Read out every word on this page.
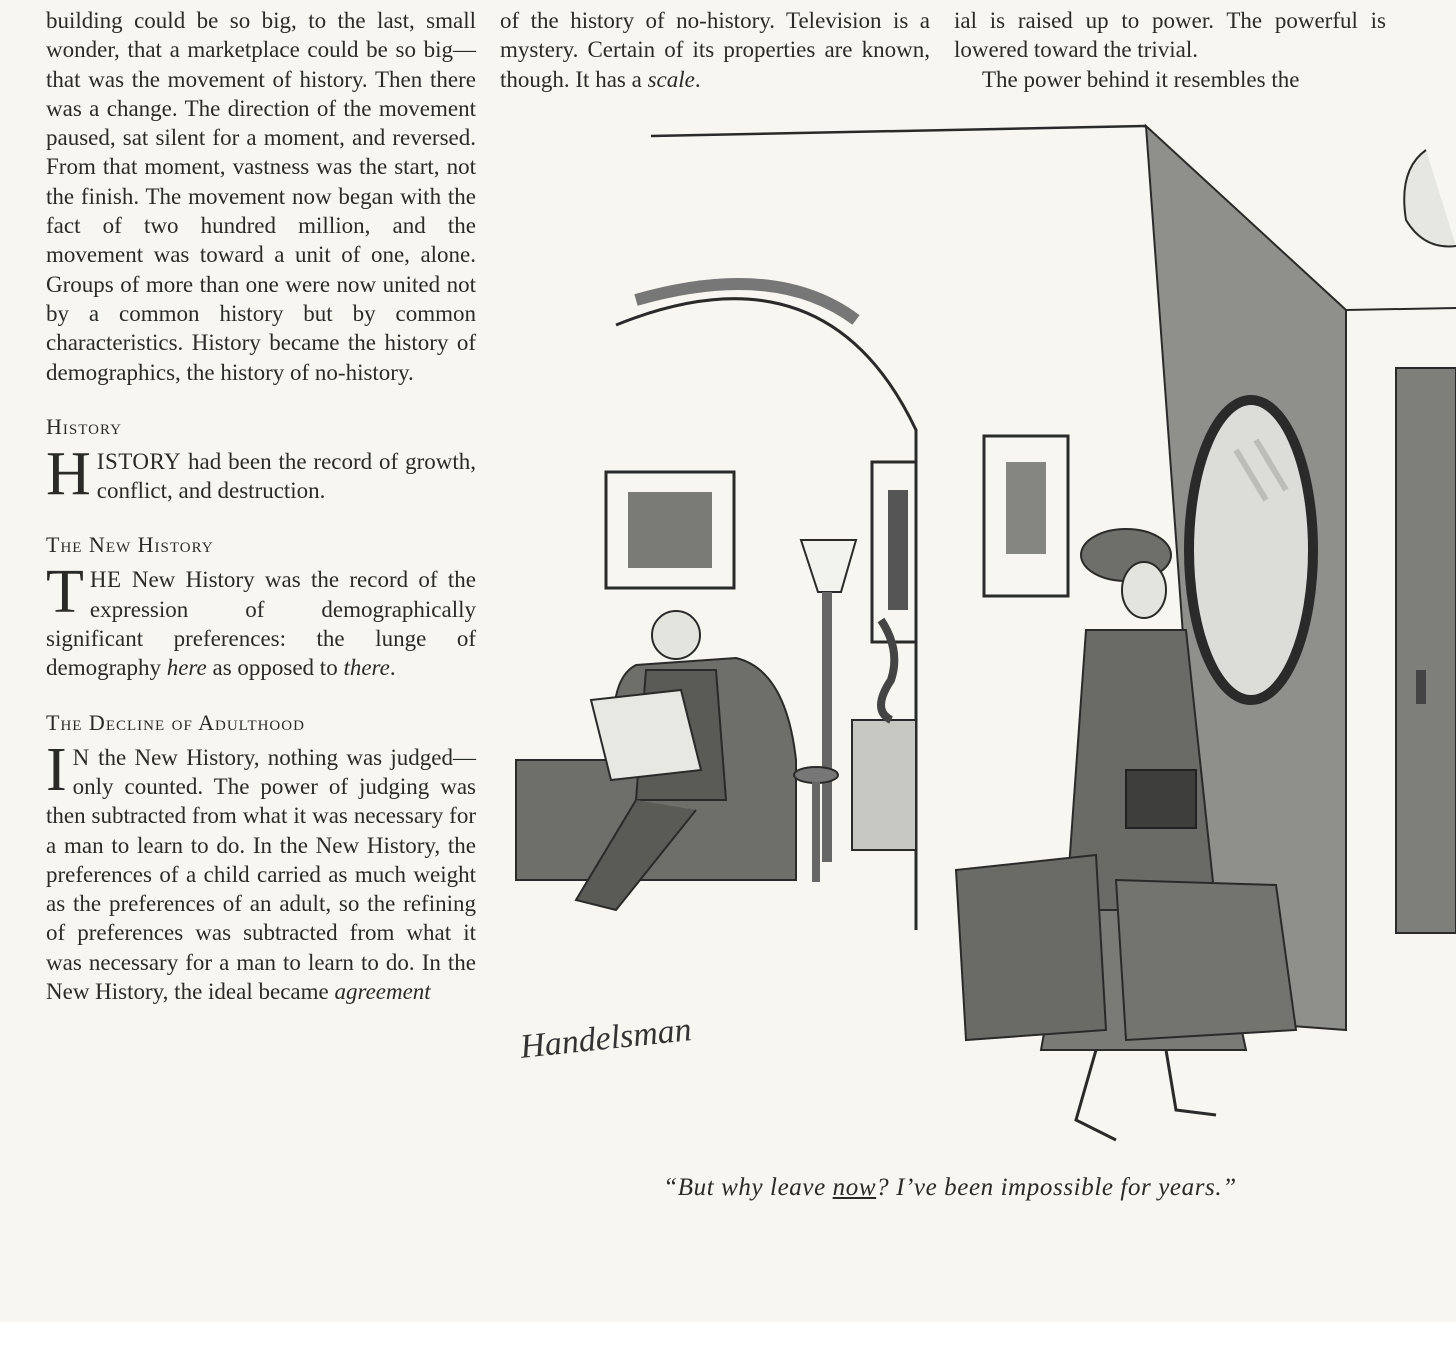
building could be so big, to the last, small wonder, that a marketplace could be so big—that was the movement of history. Then there was a change. The direction of the movement paused, sat silent for a moment, and reversed. From that moment, vastness was the start, not the finish. The movement now began with the fact of two hundred million, and the movement was toward a unit of one, alone. Groups of more than one were now united not by a common history but by common characteristics. History became the history of demographics, the history of no-history.

History

HISTORY had been the record of growth, conflict, and destruction.

The New History

THE New History was the record of the expression of demographically significant preferences: the lunge of demography here as opposed to there.

The Decline of Adulthood

I N the New History, nothing was judged—only counted. The power of judging was then subtracted from what it was necessary for a man to learn to do. In the New History, the preferences of a child carried as much weight as the preferences of an adult, so the refining of preferences was subtracted from what it was necessary for a man to learn to do. In the New History, the ideal became agreement

of the history of no-history. Television is a mystery. Certain of its properties are known, though. It has a scale.

ial is raised up to power. The powerful is lowered toward the trivial.

The power behind it resembles the

Handelsman
“But why leave now? I’ve been impossible for years.”
